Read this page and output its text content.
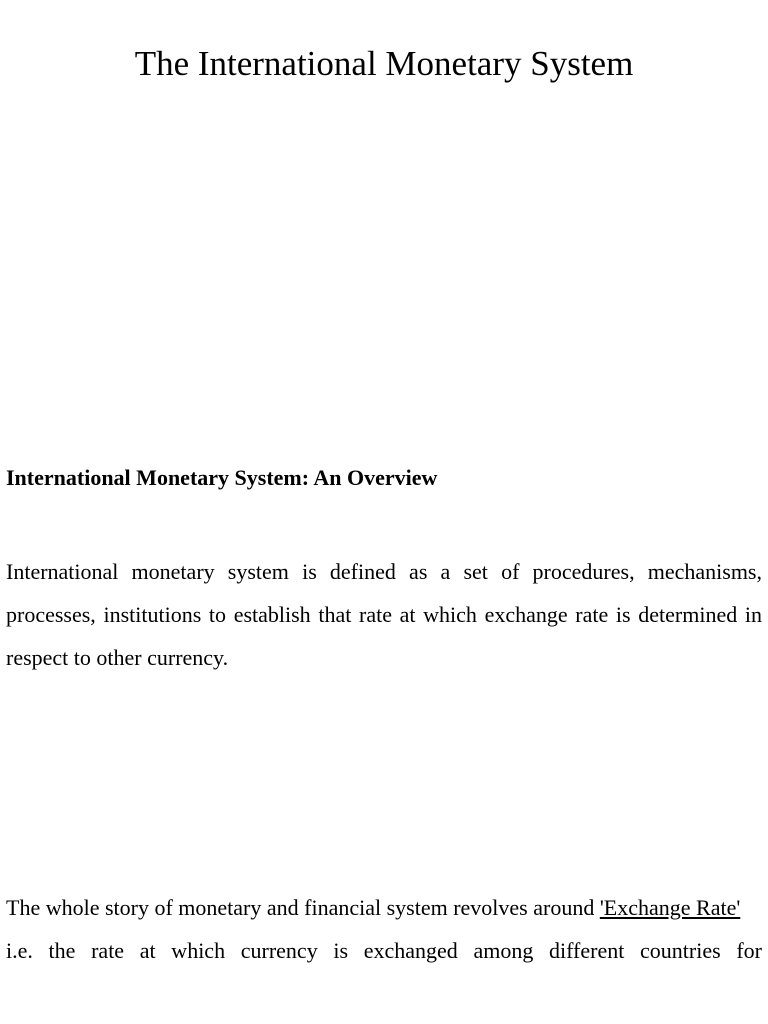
The International Monetary System
International Monetary System: An Overview

International monetary system is defined as a set of procedures, mechanisms, processes, institutions to establish that rate at which exchange rate is determined in respect to other currency.

The whole story of monetary and financial system revolves around 'Exchange Rate'
i.e. the rate at which currency is exchanged among different countries for
